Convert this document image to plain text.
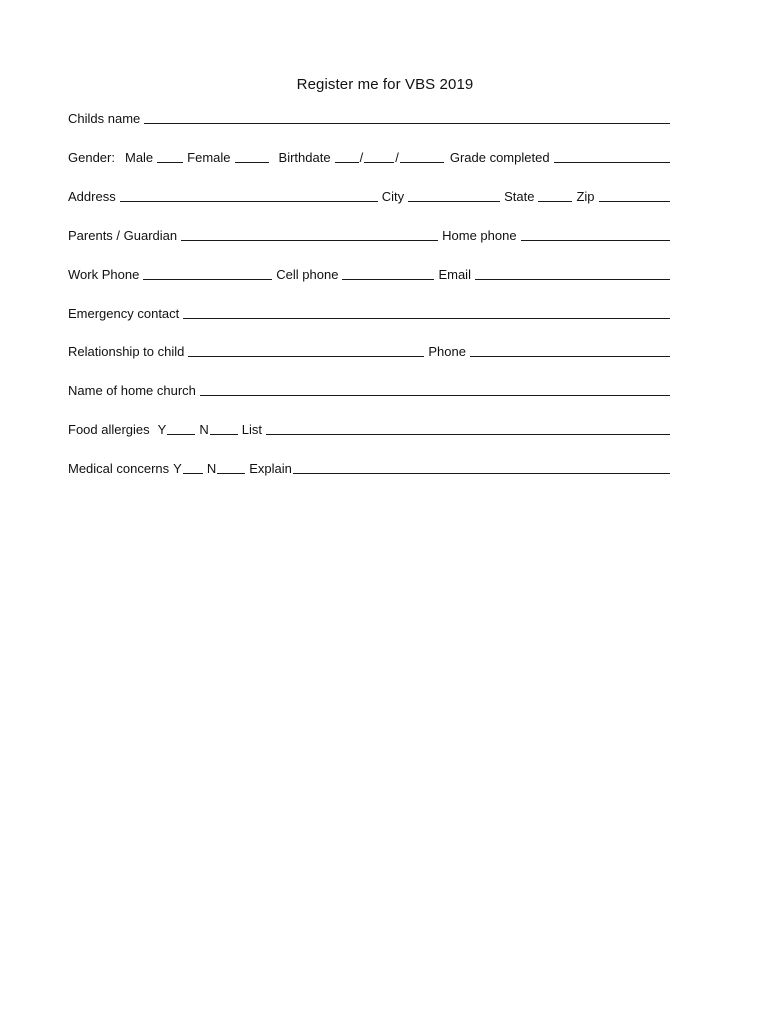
Register me for VBS 2019
Childs name
Gender: Male	Female	Birthdate / /	Grade completed
Address	City	State	Zip
Parents / Guardian	Home phone
Work Phone	Cell phone	Email
Emergency contact
Relationship to child	Phone
Name of home church
Food allergies Y	N	List
Medical concerns Y N	Explain
